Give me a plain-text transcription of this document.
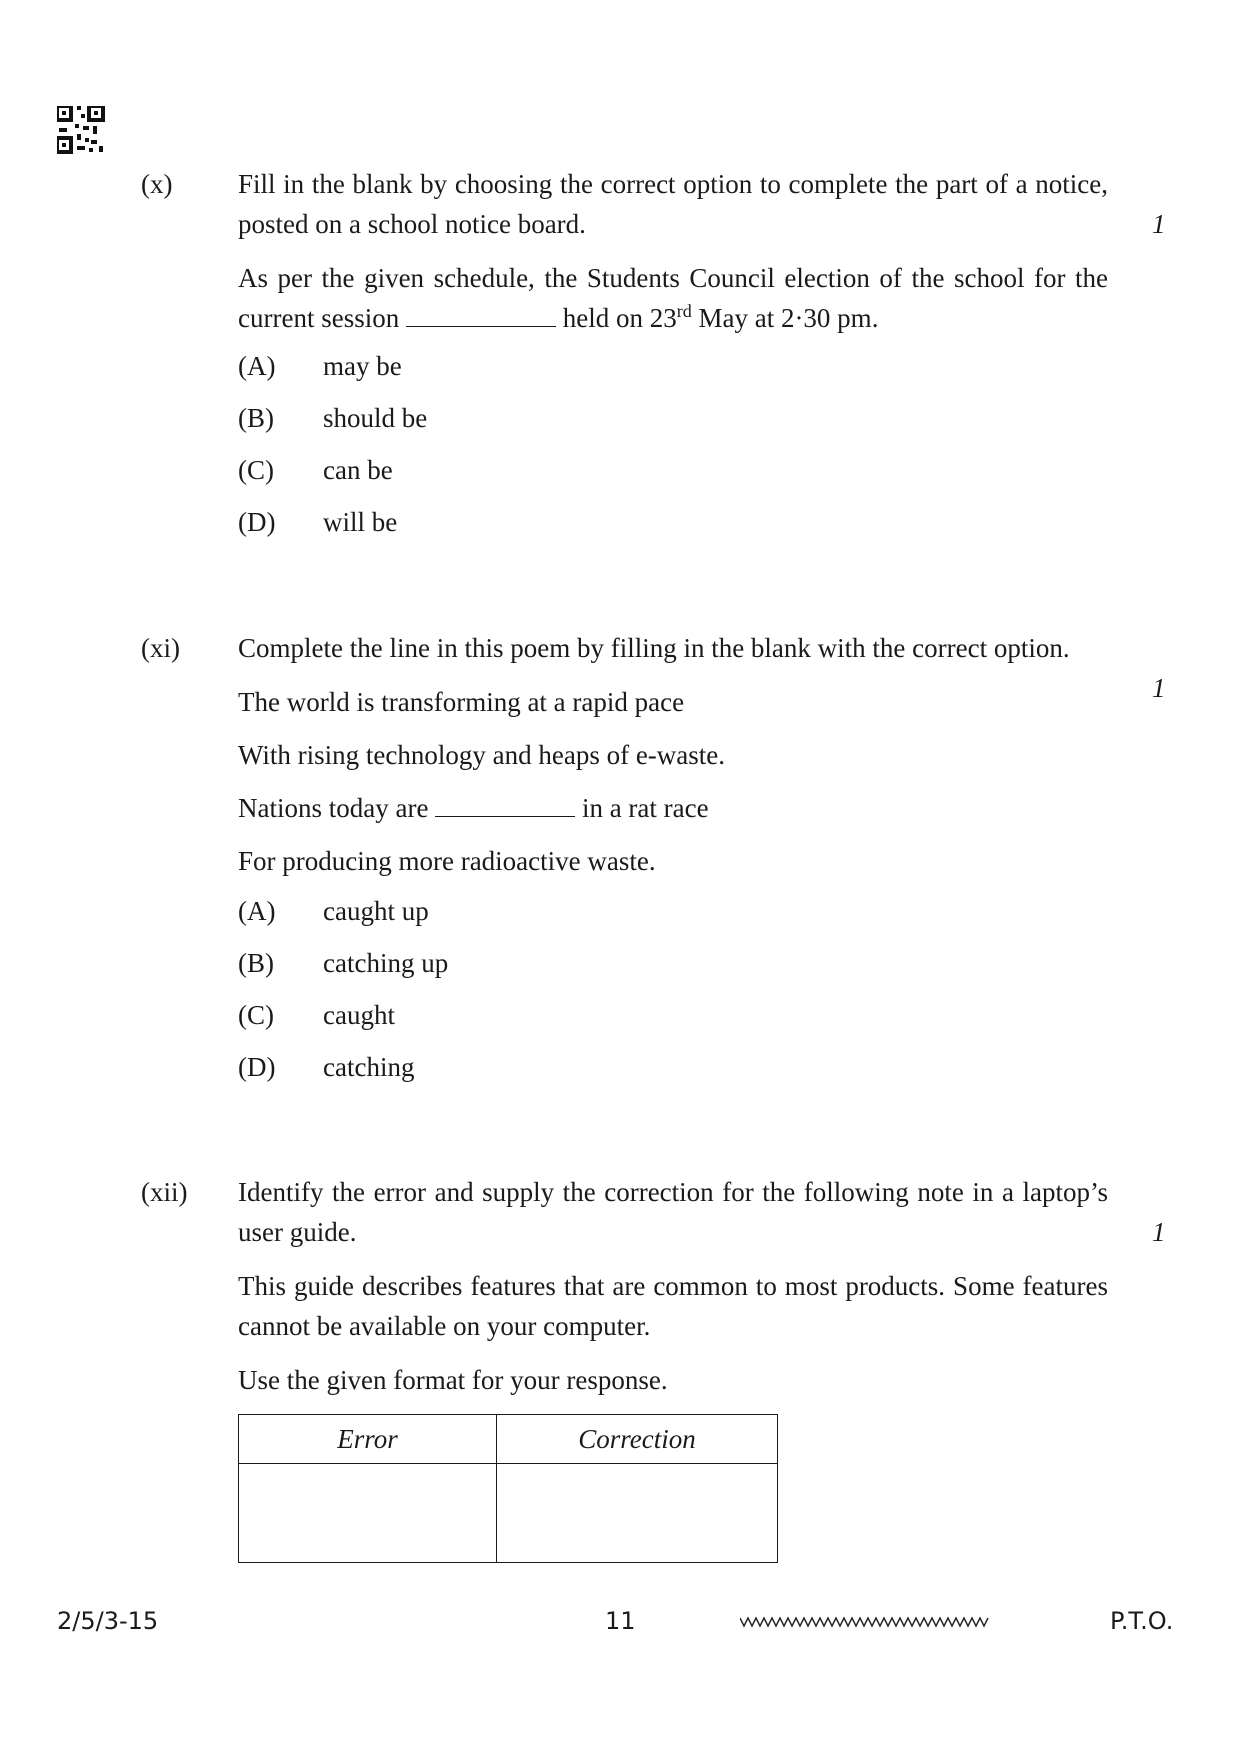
(x) Fill in the blank by choosing the correct option to complete the part of a notice, posted on a school notice board.
As per the given schedule, the Students Council election of the school for the current session	held on 23rd May at 2·30 pm.
(A) may be
(B) should be
(C) can be
(D) will be
1
(xi) Complete the line in this poem by filling in the blank with the correct option.
The world is transforming at a rapid pace
With rising technology and heaps of e-waste.
Nations today are	in a rat race
For producing more radioactive waste.
(A) caught up
(B) catching up
(C) caught
(D) catching
1
(xii) Identify the error and supply the correction for the following note in a laptop’s user guide.
This guide describes features that are common to most products. Some features cannot be available on your computer.
Use the given format for your response.
1
Error	Correction

2/5/3-15	11	P.T.O.
